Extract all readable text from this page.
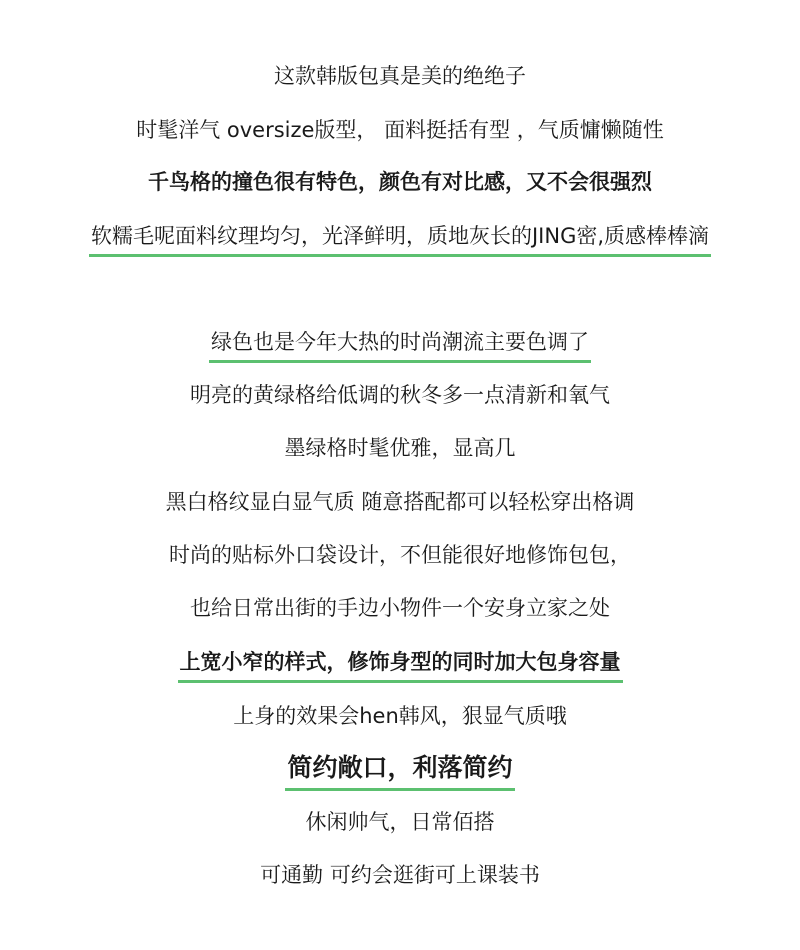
这款韩版包真是美的绝绝子
时髦洋气 oversize版型， 面料挺括有型 ，气质慵懒随性
千鸟格的撞色很有特色，颜色有对比感，又不会很强烈
软糯毛呢面料纹理均匀，光泽鲜明，质地灰长的JING密,质感棒棒滴
绿色也是今年大热的时尚潮流主要色调了
明亮的黄绿格给低调的秋冬多一点清新和氧气
墨绿格时髦优雅，显高几
黑白格纹显白显气质 随意搭配都可以轻松穿出格调
时尚的贴标外口袋设计，不但能很好地修饰包包，
也给日常出街的手边小物件一个安身立家之处
上宽小窄的样式，修饰身型的同时加大包身容量
上身的效果会hen韩风，狠显气质哦
简约敞口，利落简约
休闲帅气，日常佰搭
可通勤 可约会逛街可上课装书
